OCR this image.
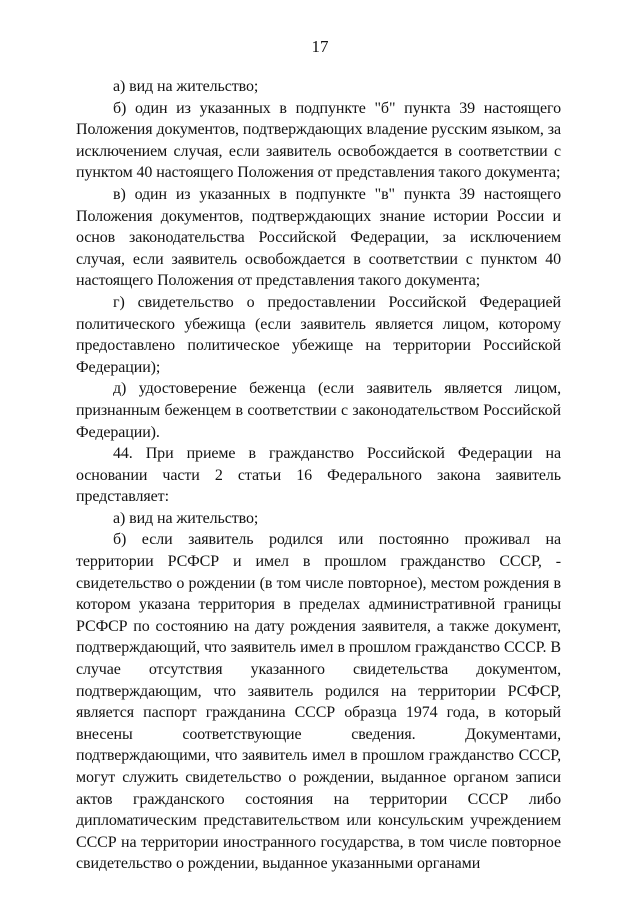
17

а) вид на жительство;

б) один из указанных в подпункте "б" пункта 39 настоящего Положения документов, подтверждающих владение русским языком, за исключением случая, если заявитель освобождается в соответствии с пунктом 40 настоящего Положения от представления такого документа;

в) один из указанных в подпункте "в" пункта 39 настоящего Положения документов, подтверждающих знание истории России и основ законодательства Российской Федерации, за исключением случая, если заявитель освобождается в соответствии с пунктом 40 настоящего Положения от представления такого документа;

г) свидетельство о предоставлении Российской Федерацией политического убежища (если заявитель является лицом, которому предоставлено политическое убежище на территории Российской Федерации);

д) удостоверение беженца (если заявитель является лицом, признанным беженцем в соответствии с законодательством Российской Федерации).

44. При приеме в гражданство Российской Федерации на основании части 2 статьи 16 Федерального закона заявитель представляет:

а) вид на жительство;

б) если заявитель родился или постоянно проживал на территории РСФСР и имел в прошлом гражданство СССР, - свидетельство о рождении (в том числе повторное), местом рождения в котором указана территория в пределах административной границы РСФСР по состоянию на дату рождения заявителя, а также документ, подтверждающий, что заявитель имел в прошлом гражданство СССР. В случае отсутствия указанного свидетельства документом, подтверждающим, что заявитель родился на территории РСФСР, является паспорт гражданина СССР образца 1974 года, в который внесены соответствующие сведения. Документами, подтверждающими, что заявитель имел в прошлом гражданство СССР, могут служить свидетельство о рождении, выданное органом записи актов гражданского состояния на территории СССР либо дипломатическим представительством или консульским учреждением СССР на территории иностранного государства, в том числе повторное свидетельство о рождении, выданное указанными органами
